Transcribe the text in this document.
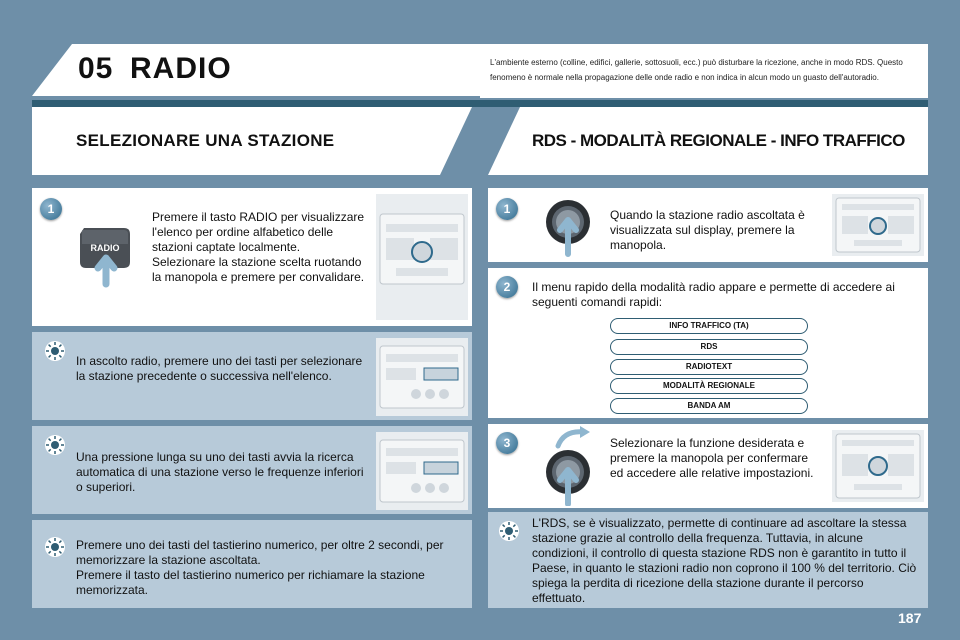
05 RADIO	L'ambiente esterno (colline, edifici, gallerie, sottosuoli, ecc.) può disturbare la ricezione, anche in modo RDS. Questo fenomeno è normale nella propagazione delle onde radio e non indica in alcun modo un guasto dell'autoradio.
SELEZIONARE UNA STAZIONE	RDS - MODALITÀ REGIONALE - INFO TRAFFICO
1
RADIO
Premere il tasto RADIO per visualizzare l'elenco per ordine alfabetico delle stazioni captate localmente.
Selezionare la stazione scelta ruotando la manopola e premere per convalidare.
In ascolto radio, premere uno dei tasti per selezionare la stazione precedente o successiva nell'elenco.
Una pressione lunga su uno dei tasti avvia la ricerca automatica di una stazione verso le frequenze inferiori o superiori.
Premere uno dei tasti del tastierino numerico, per oltre 2 secondi, per memorizzare la stazione ascoltata.
Premere il tasto del tastierino numerico per richiamare la stazione memorizzata.
1	Quando la stazione radio ascoltata è visualizzata sul display, premere la manopola.
2	Il menu rapido della modalità radio appare e permette di accedere ai seguenti comandi rapidi:
INFO TRAFFICO (TA)
RDS
RADIOTEXT
MODALITÀ REGIONALE
BANDA AM
3	Selezionare la funzione desiderata e premere la manopola per confermare ed accedere alle relative impostazioni.
L'RDS, se è visualizzato, permette di continuare ad ascoltare la stessa stazione grazie al controllo della frequenza. Tuttavia, in alcune condizioni, il controllo di questa stazione RDS non è garantito in tutto il Paese, in quanto le stazioni radio non coprono il 100 % del territorio. Ciò spiega la perdita di ricezione della stazione durante il percorso effettuato.
187
